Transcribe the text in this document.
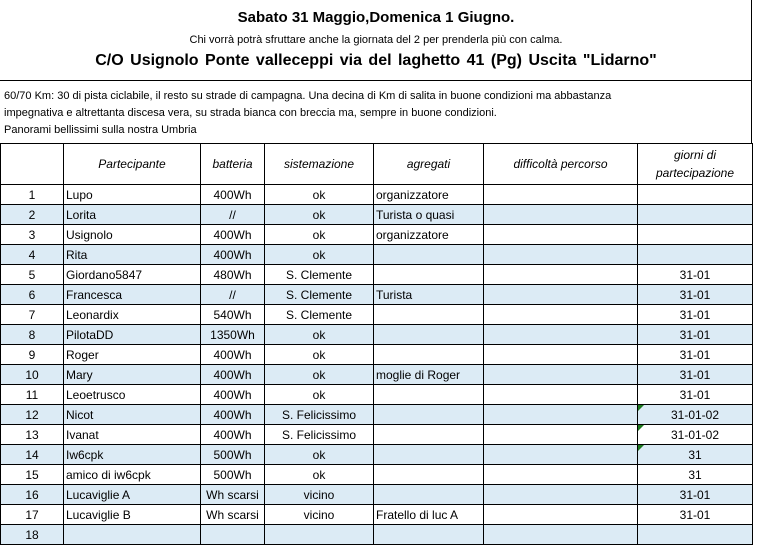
Sabato 31 Maggio,Domenica 1 Giugno.
Chi vorrà potrà sfruttare anche la giornata del 2 per prenderla più con calma.
C/O Usignolo Ponte valleceppi via del laghetto 41 (Pg) Uscita "Lidarno"
60/70 Km: 30 di pista ciclabile, il resto su strade di campagna. Una decina di Km di salita in buone condizioni ma abbastanza
impegnativa e altrettanta discesa vera, su strada bianca con breccia ma, sempre in buone condizioni.
Panorami bellissimi sulla nostra Umbria
	Partecipante	batteria	sistemazione	agregati	difficoltà percorso	giorni di partecipazione
1	Lupo	400Wh	ok	organizzatore		
2	Lorita	//	ok	Turista o quasi		
3	Usignolo	400Wh	ok	organizzatore		
4	Rita	400Wh	ok			
5	Giordano5847	480Wh	S. Clemente			31-01
6	Francesca	//	S. Clemente	Turista		31-01
7	Leonardix	540Wh	S. Clemente			31-01
8	PilotaDD	1350Wh	ok			31-01
9	Roger	400Wh	ok			31-01
10	Mary	400Wh	ok	moglie di Roger		31-01
11	Leoetrusco	400Wh	ok			31-01
12	Nicot	400Wh	S. Felicissimo			31-01-02
13	Ivanat	400Wh	S. Felicissimo			31-01-02
14	Iw6cpk	500Wh	ok			31
15	amico di iw6cpk	500Wh	ok			31
16	Lucaviglie A	Wh scarsi	vicino			31-01
17	Lucaviglie B	Wh scarsi	vicino	Fratello di luc A		31-01
18						
